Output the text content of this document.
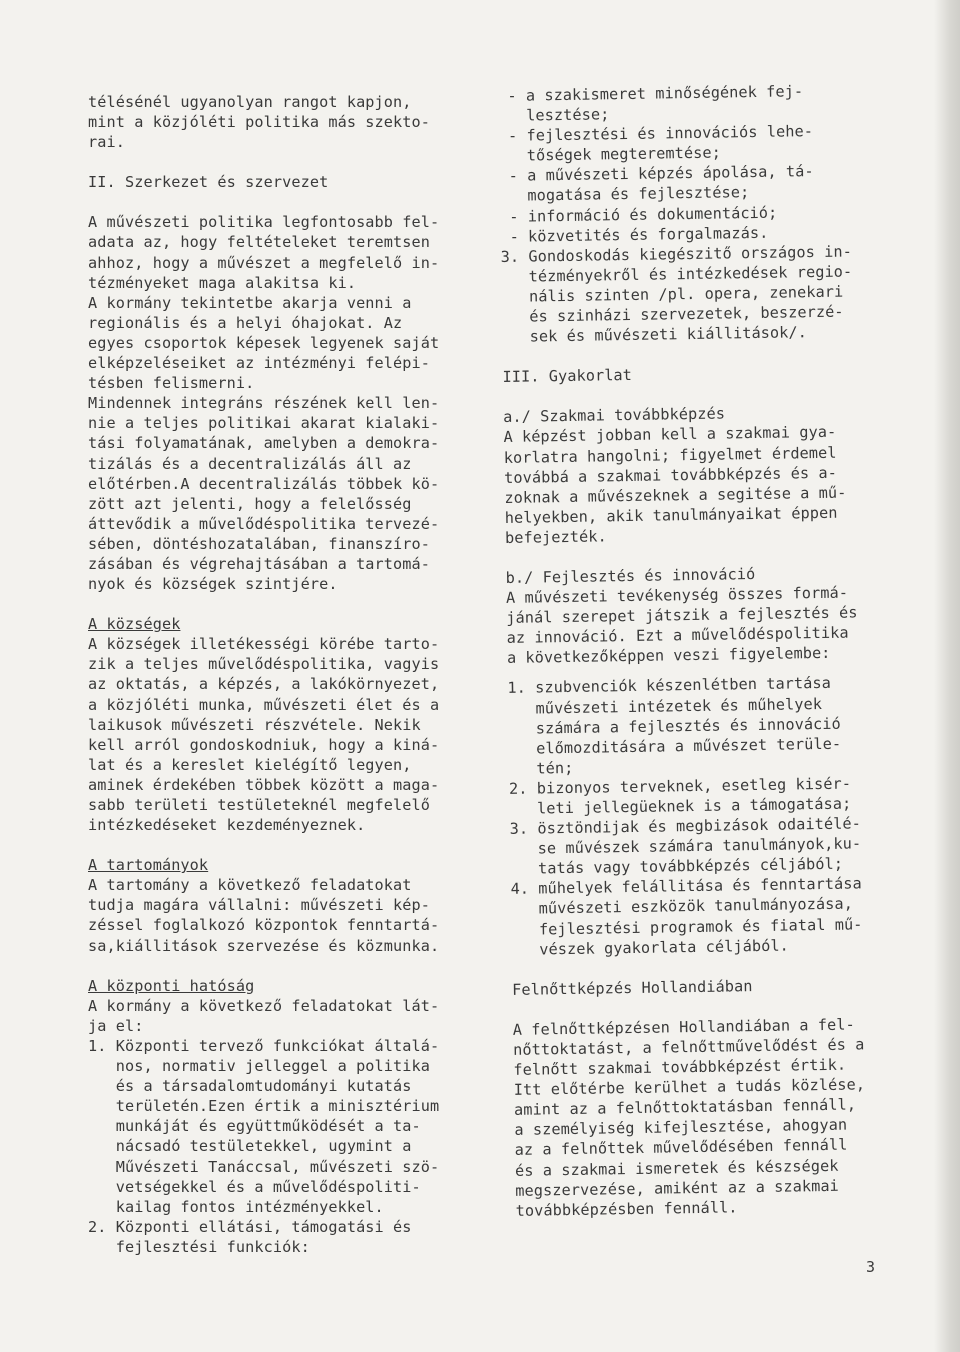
télésénél ugyanolyan rangot kapjon,
mint a közjóléti politika más szekto-
rai.
II. Szerkezet és szervezet
A művészeti politika legfontosabb fel-
adata az, hogy feltételeket teremtsen
ahhoz, hogy a művészet a megfelelő in-
tézményeket maga alakitsa ki.
A kormány tekintetbe akarja venni a
regionális és a helyi óhajokat. Az
egyes csoportok képesek legyenek saját
elképzeléseiket az intézményi felépi-
tésben felismerni.
Mindennek integráns részének kell len-
nie a teljes politikai akarat kialaki-
tási folyamatának, amelyben a demokra-
tizálás és a decentralizálás áll az
előtérben.A decentralizálás többek kö-
zött azt jelenti, hogy a felelősség
áttevődik a művelődéspolitika tervezé-
sében, döntéshozatalában, finanszíro-
zásában és végrehajtásában a tartomá-
nyok és községek szintjére.
A községek
A községek illetékességi körébe tarto-
zik a teljes művelődéspolitika, vagyis
az oktatás, a képzés, a lakókörnyezet,
a közjóléti munka, művészeti élet és a
laikusok művészeti részvétele. Nekik
kell arról gondoskodniuk, hogy a kiná-
lat és a kereslet kielégítő legyen,
aminek érdekében többek között a maga-
sabb területi testületeknél megfelelő
intézkedéseket kezdeményeznek.
A tartományok
A tartomány a következő feladatokat
tudja magára vállalni: művészeti kép-
zéssel foglalkozó központok fenntartá-
sa,kiállitások szervezése és közmunka.
A központi hatóság
A kormány a következő feladatokat lát-
ja el:
1. Központi tervező funkciókat általá-
nos, normativ jelleggel a politika
és a társadalomtudományi kutatás
területén.Ezen értik a minisztérium
munkáját és együttműködését a ta-
nácsadó testületekkel, ugymint a
Művészeti Tanáccsal, művészeti szö-
vetségekkel és a művelődéspoliti-
kailag fontos intézményekkel.
2. Központi ellátási, támogatási és
fejlesztési funkciók:
- a szakismeret minőségének fej-
lesztése;
- fejlesztési és innovációs lehe-
tőségek megteremtése;
- a művészeti képzés ápolása, tá-
mogatása és fejlesztése;
- információ és dokumentáció;
- közvetités és forgalmazás.
3. Gondoskodás kiegészitő országos in-
tézményekről és intézkedések regio-
nális szinten /pl. opera, zenekari
és szinházi szervezetek, beszerzé-
sek és művészeti kiállitások/.
III. Gyakorlat
a./ Szakmai továbbképzés
A képzést jobban kell a szakmai gya-
korlatra hangolni; figyelmet érdemel
továbbá a szakmai továbbképzés és a-
zoknak a művészeknek a segitése a mű-
helyekben, akik tanulmányaikat éppen
befejezték.
b./ Fejlesztés és innováció
A művészeti tevékenység összes formá-
jánál szerepet játszik a fejlesztés és
az innováció. Ezt a művelődéspolitika
a következőképpen veszi figyelembe:
1. szubvenciók készenlétben tartása
művészeti intézetek és műhelyek
számára a fejlesztés és innováció
előmozditására a művészet terüle-
tén;
2. bizonyos terveknek, esetleg kisér-
leti jellegüeknek is a támogatása;
3. ösztöndijak és megbizások odaitélé-
se művészek számára tanulmányok,ku-
tatás vagy továbbképzés céljából;
4. műhelyek felállitása és fenntartása
művészeti eszközök tanulmányozása,
fejlesztési programok és fiatal mű-
vészek gyakorlata céljából.
Felnőttképzés Hollandiában
A felnőttképzésen Hollandiában a fel-
nőttoktatást, a felnőttművelődést és a
felnőtt szakmai továbbképzést értik.
Itt előtérbe kerülhet a tudás közlése,
amint az a felnőttoktatásban fennáll,
a személyiség kifejlesztése, ahogyan
az a felnőttek művelődésében fennáll
és a szakmai ismeretek és készségek
megszervezése, amiként az a szakmai
továbbképzésben fennáll.
3
